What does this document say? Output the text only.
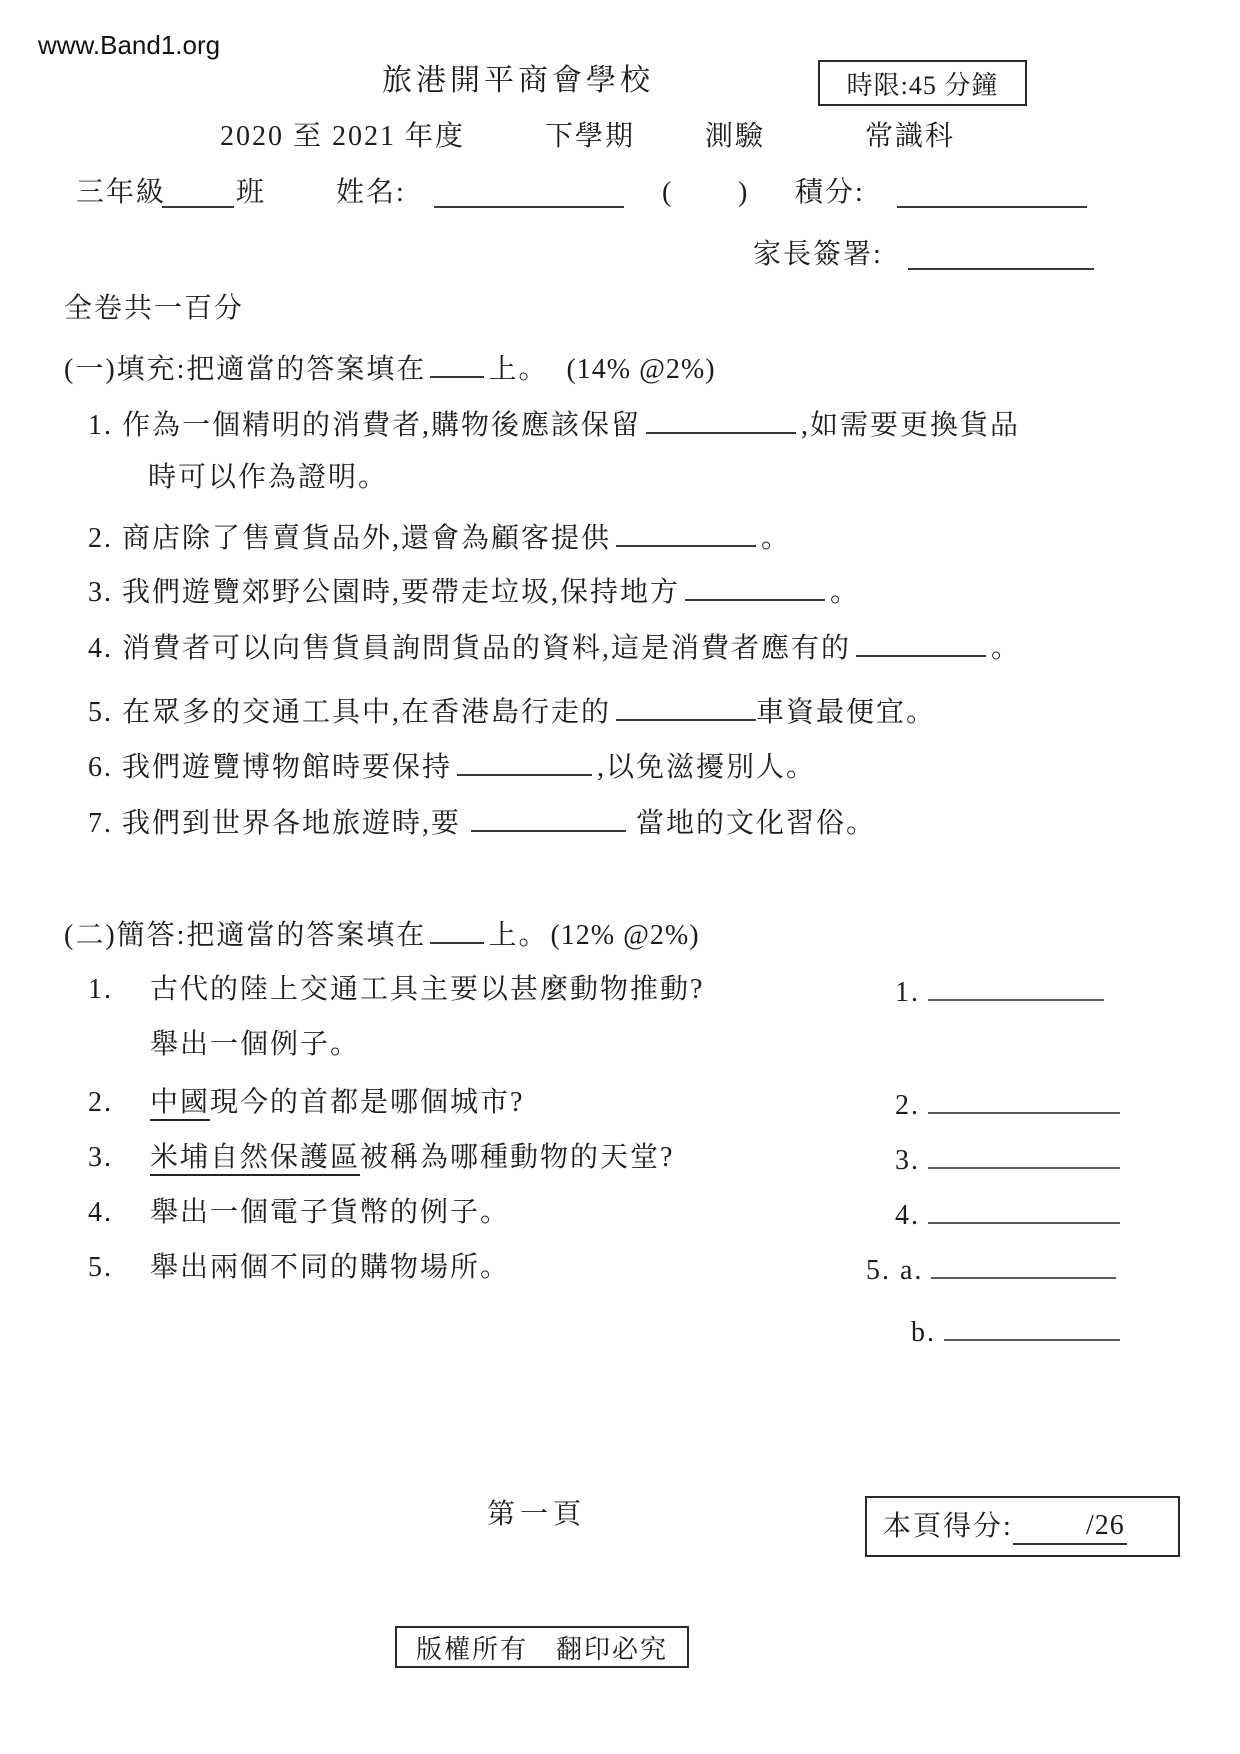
www.Band1.org
旅港開平商會學校	時限:45 分鐘
2020 至 2021 年度	下學期 測驗	常識科
三年級 班 姓名:	( ) 積分:
家長簽署:
全卷共一百分
(一)填充:把適當的答案填在 上。 (14% @2%)
1. 作為一個精明的消費者,購物後應該保留	,如需要更換貨品
時可以作為證明。
2. 商店除了售賣貨品外,還會為顧客提供	。
3. 我們遊覽郊野公園時,要帶走垃圾,保持地方	。
4. 消費者可以向售貨員詢問貨品的資料,這是消費者應有的	。
5. 在眾多的交通工具中,在香港島行走的	車資最便宜。
6. 我們遊覽博物館時要保持	,以免滋擾別人。
7. 我們到世界各地旅遊時,要	當地的文化習俗。
(二)簡答:把適當的答案填在 上。(12% @2%)
1. 古代的陸上交通工具主要以甚麼動物推動?	1.
舉出一個例子。
2. 中國現今的首都是哪個城市?	2.
3. 米埔自然保護區被稱為哪種動物的天堂?	3.
4. 舉出一個電子貨幣的例子。	4.
5. 舉出兩個不同的購物場所。	5. a.
b.
第一頁	本頁得分:	/26
版權所有　翻印必究
